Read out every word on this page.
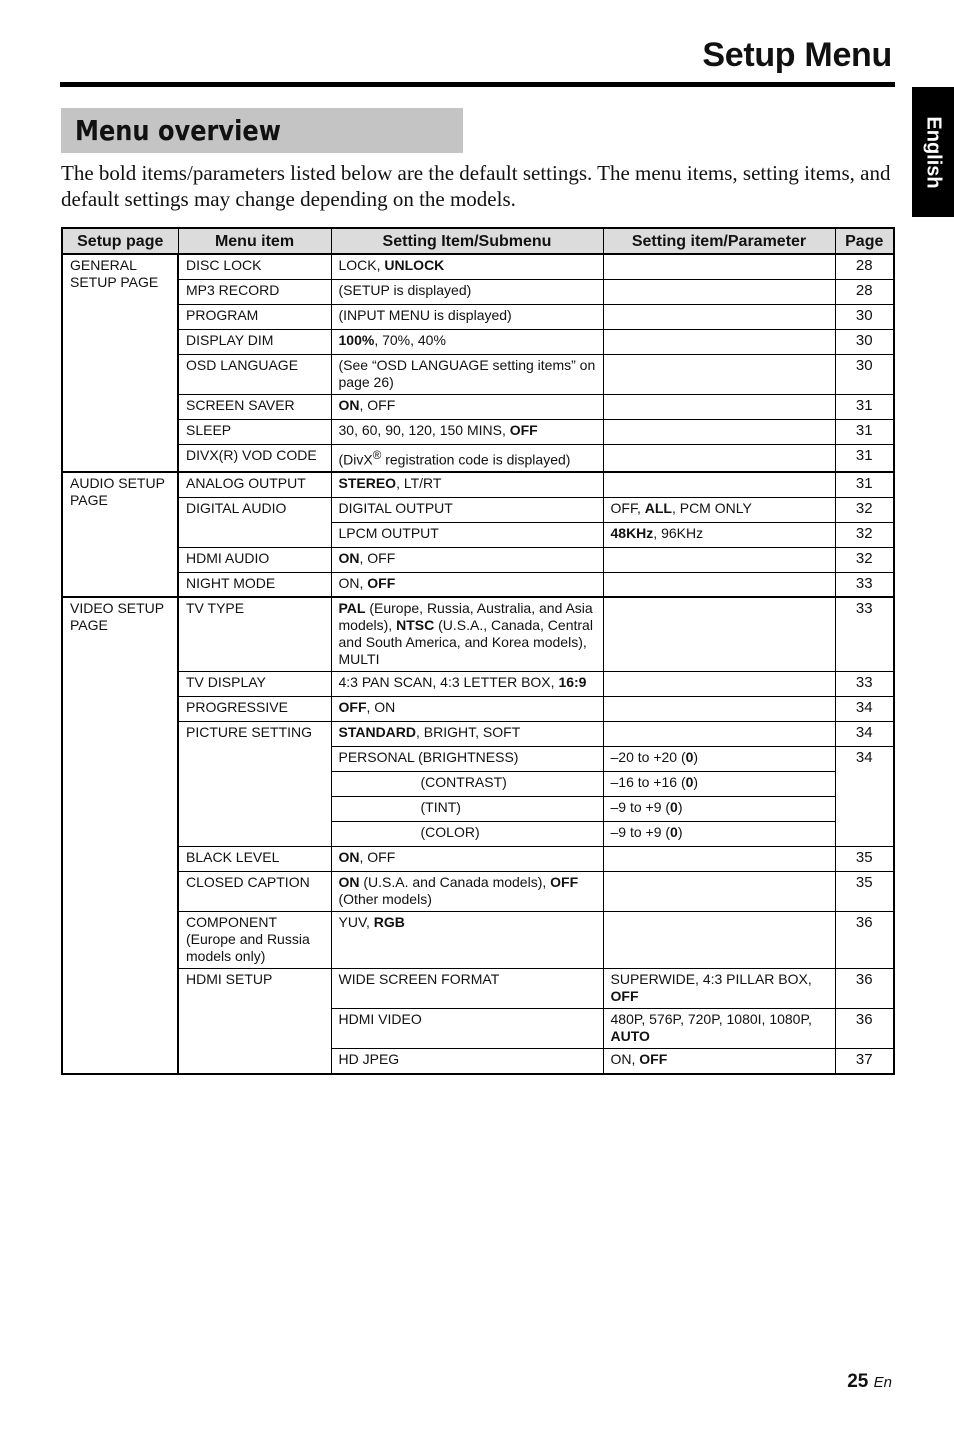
Setup Menu
English
Menu overview

The bold items/parameters listed below are the default settings. The menu items, setting items, and default settings may change depending on the models.

Setup page	Menu item	Setting Item/Submenu	Setting item/Parameter	Page
GENERAL SETUP PAGE	DISC LOCK	LOCK, UNLOCK		28
	MP3 RECORD	(SETUP is displayed)		28
	PROGRAM	(INPUT MENU is displayed)		30
	DISPLAY DIM	100%, 70%, 40%		30
	OSD LANGUAGE	(See “OSD LANGUAGE setting items” on page 26)		30
	SCREEN SAVER	ON, OFF		31
	SLEEP	30, 60, 90, 120, 150 MINS, OFF		31
	DIVX(R) VOD CODE	(DivX® registration code is displayed)		31
AUDIO SETUP PAGE	ANALOG OUTPUT	STEREO, LT/RT		31
	DIGITAL AUDIO	DIGITAL OUTPUT	OFF, ALL, PCM ONLY	32
		LPCM OUTPUT	48KHz, 96KHz	32
	HDMI AUDIO	ON, OFF		32
	NIGHT MODE	ON, OFF		33
VIDEO SETUP PAGE	TV TYPE	PAL (Europe, Russia, Australia, and Asia models), NTSC (U.S.A., Canada, Central and South America, and Korea models), MULTI		33
	TV DISPLAY	4:3 PAN SCAN, 4:3 LETTER BOX, 16:9		33
	PROGRESSIVE	OFF, ON		34
	PICTURE SETTING	STANDARD, BRIGHT, SOFT		34
		PERSONAL (BRIGHTNESS)	–20 to +20 (0)	34
		(CONTRAST)	–16 to +16 (0)	
		(TINT)	–9 to +9 (0)	
		(COLOR)	–9 to +9 (0)	
	BLACK LEVEL	ON, OFF		35
	CLOSED CAPTION	ON (U.S.A. and Canada models), OFF (Other models)		35
	COMPONENT (Europe and Russia models only)	YUV, RGB		36
	HDMI SETUP	WIDE SCREEN FORMAT	SUPERWIDE, 4:3 PILLAR BOX, OFF	36
		HDMI VIDEO	480P, 576P, 720P, 1080I, 1080P, AUTO	36
		HD JPEG	ON, OFF	37
25 En
